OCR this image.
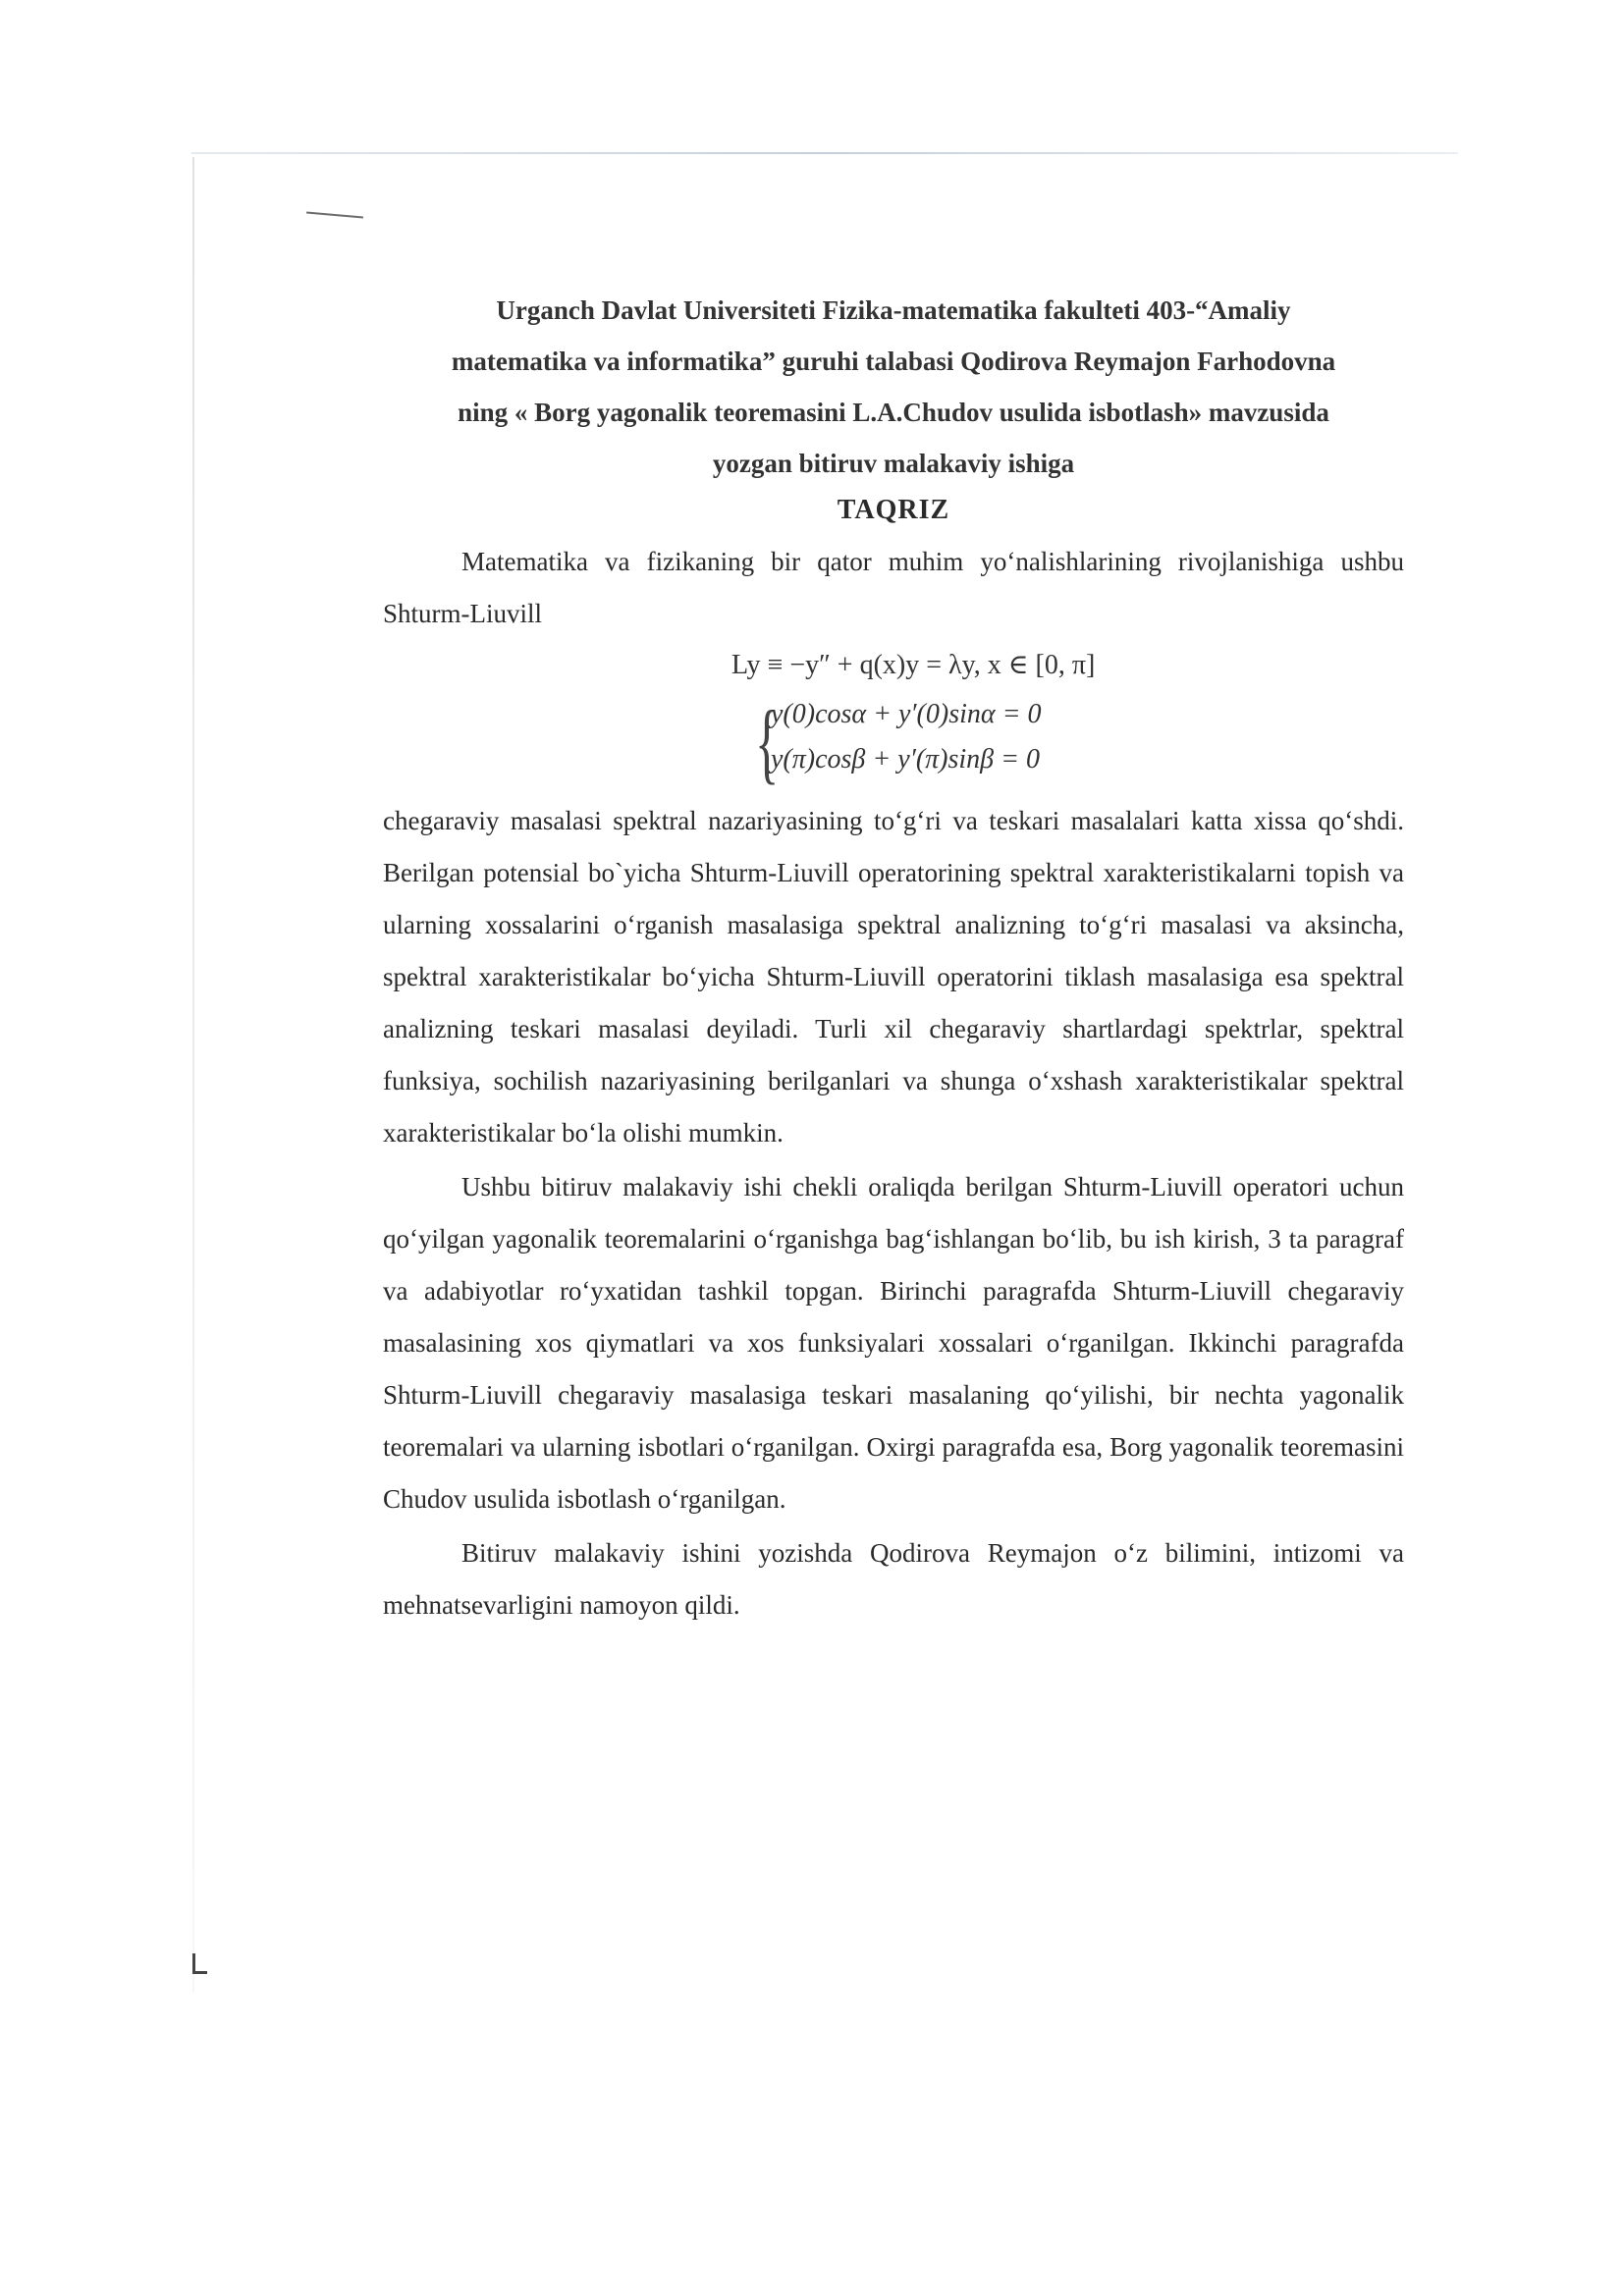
Urganch Davlat Universiteti Fizika-matematika fakulteti 403-“Amaliy
matematika va informatika” guruhi talabasi Qodirova Reymajon Farhodovna
ning « Borg yagonalik teoremasini L.A.Chudov usulida isbotlash» mavzusida
yozgan bitiruv malakaviy ishiga
TAQRIZ

Matematika va fizikaning bir qator muhim yo‘nalishlarining rivojlanishiga ushbu Shturm-Liuvill

Ly ≡ −y″ + q(x)y = λy, x ∈ [0, π]
{
y(0)cosα + y′(0)sinα = 0
y(π)cosβ + y′(π)sinβ = 0

chegaraviy masalasi spektral nazariyasining to‘g‘ri va teskari masalalari katta xissa qo‘shdi. Berilgan potensial bo`yicha Shturm-Liuvill operatorining spektral xarakteristikalarni topish va ularning xossalarini o‘rganish masalasiga spektral analizning to‘g‘ri masalasi va aksincha, spektral xarakteristikalar bo‘yicha Shturm-Liuvill operatorini tiklash masalasiga esa spektral analizning teskari masalasi deyiladi. Turli xil chegaraviy shartlardagi spektrlar, spektral funksiya, sochilish nazariyasining berilganlari va shunga o‘xshash xarakteristikalar spektral xarakteristikalar bo‘la olishi mumkin.

Ushbu bitiruv malakaviy ishi chekli oraliqda berilgan Shturm-Liuvill operatori uchun qo‘yilgan yagonalik teoremalarini o‘rganishga bag‘ishlangan bo‘lib, bu ish kirish, 3 ta paragraf va adabiyotlar ro‘yxatidan tashkil topgan. Birinchi paragrafda Shturm-Liuvill chegaraviy masalasining xos qiymatlari va xos funksiyalari xossalari o‘rganilgan. Ikkinchi paragrafda Shturm-Liuvill chegaraviy masalasiga teskari masalaning qo‘yilishi, bir nechta yagonalik teoremalari va ularning isbotlari o‘rganilgan. Oxirgi paragrafda esa, Borg yagonalik teoremasini Chudov usulida isbotlash o‘rganilgan.

Bitiruv malakaviy ishini yozishda Qodirova Reymajon o‘z bilimini, intizomi va mehnatsevarligini namoyon qildi.
